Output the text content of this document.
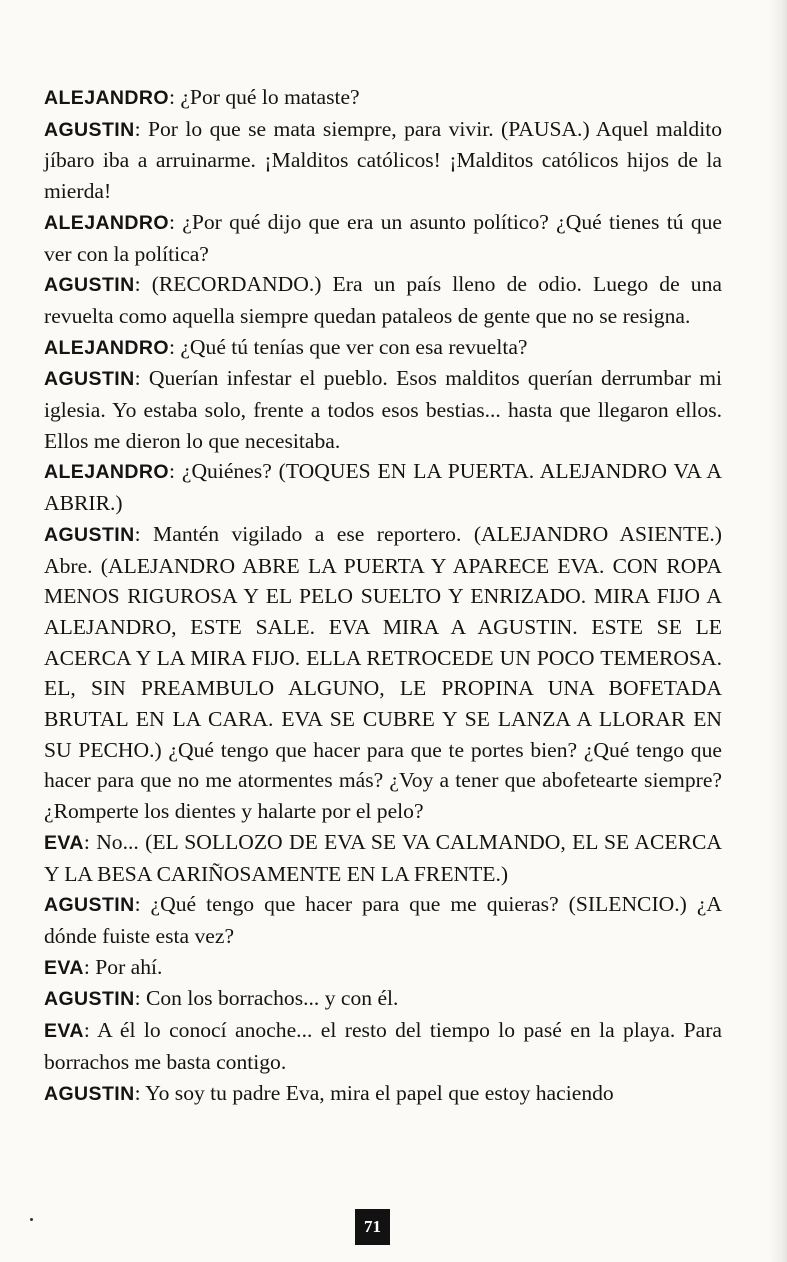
ALEJANDRO: ¿Por qué lo mataste?

AGUSTIN: Por lo que se mata siempre, para vivir. (PAUSA.) Aquel maldito jíbaro iba a arruinarme. ¡Malditos católicos! ¡Malditos católicos hijos de la mierda!

ALEJANDRO: ¿Por qué dijo que era un asunto político? ¿Qué tienes tú que ver con la política?

AGUSTIN: (RECORDANDO.) Era un país lleno de odio. Luego de una revuelta como aquella siempre quedan pataleos de gente que no se resigna.

ALEJANDRO: ¿Qué tú tenías que ver con esa revuelta?

AGUSTIN: Querían infestar el pueblo. Esos malditos querían derrumbar mi iglesia. Yo estaba solo, frente a todos esos bestias... hasta que llegaron ellos. Ellos me dieron lo que necesitaba.

ALEJANDRO: ¿Quiénes? (TOQUES EN LA PUERTA. ALEJANDRO VA A ABRIR.)

AGUSTIN: Mantén vigilado a ese reportero. (ALEJANDRO ASIENTE.) Abre. (ALEJANDRO ABRE LA PUERTA Y APARECE EVA. CON ROPA MENOS RIGUROSA Y EL PELO SUELTO Y ENRIZADO. MIRA FIJO A ALEJANDRO, ESTE SALE. EVA MIRA A AGUSTIN. ESTE SE LE ACERCA Y LA MIRA FIJO. ELLA RETROCEDE UN POCO TEMEROSA. EL, SIN PREAMBULO ALGUNO, LE PROPINA UNA BOFETADA BRUTAL EN LA CARA. EVA SE CUBRE Y SE LANZA A LLORAR EN SU PECHO.) ¿Qué tengo que hacer para que te portes bien? ¿Qué tengo que hacer para que no me atormentes más? ¿Voy a tener que abofetearte siempre? ¿Romperte los dientes y halarte por el pelo?

EVA: No... (EL SOLLOZO DE EVA SE VA CALMANDO, EL SE ACERCA Y LA BESA CARIÑOSAMENTE EN LA FRENTE.)

AGUSTIN: ¿Qué tengo que hacer para que me quieras? (SILENCIO.) ¿A dónde fuiste esta vez?

EVA: Por ahí.

AGUSTIN: Con los borrachos... y con él.

EVA: A él lo conocí anoche... el resto del tiempo lo pasé en la playa. Para borrachos me basta contigo.

AGUSTIN: Yo soy tu padre Eva, mira el papel que estoy haciendo

71
